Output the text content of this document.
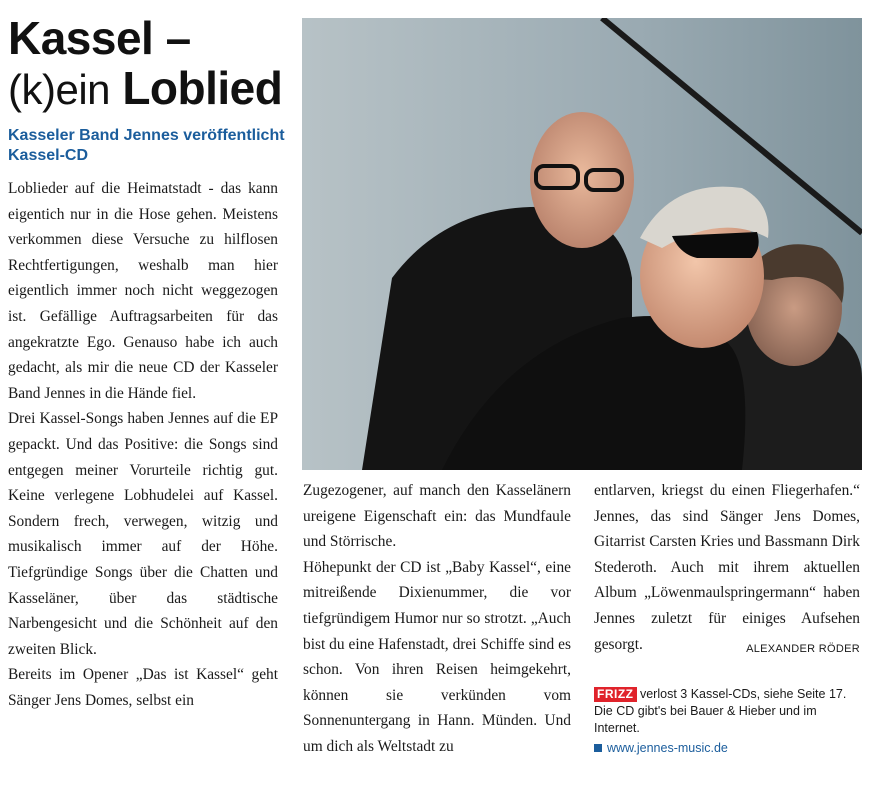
Kassel –
(k)ein Loblied
Kasseler Band Jennes veröffentlicht Kassel-CD

Loblieder auf die Heimatstadt - das kann eigentich nur in die Hose gehen. Meistens verkommen diese Versuche zu hilflosen Rechtfertigungen, weshalb man hier eigentlich immer noch nicht weggezogen ist. Gefällige Auftragsarbeiten für das angekratzte Ego. Genauso habe ich auch gedacht, als mir die neue CD der Kasseler Band Jennes in die Hände fiel.

Drei Kassel-Songs haben Jennes auf die EP gepackt. Und das Positive: die Songs sind entgegen meiner Vorurteile richtig gut. Keine verlegene Lobhudelei auf Kassel. Sondern frech, verwegen, witzig und musikalisch immer auf der Höhe. Tiefgründige Songs über die Chatten und Kasseläner, über das städtische Narbengesicht und die Schönheit auf den zweiten Blick.

Bereits im Opener „Das ist Kassel“ geht Sänger Jens Domes, selbst ein

Zugezogener, auf manch den Kasselänern ureigene Eigenschaft ein: das Mundfaule und Störrische.

Höhepunkt der CD ist „Baby Kassel“, eine mitreißende Dixienummer, die vor tiefgründigem Humor nur so strotzt. „Auch bist du eine Hafenstadt, drei Schiffe sind es schon. Von ihren Reisen heimgekehrt, können sie verkünden vom Sonnenuntergang in Hann. Münden. Und um dich als Weltstadt zu

entlarven, kriegst du einen Fliegerhafen.“ Jennes, das sind Sänger Jens Domes, Gitarrist Carsten Kries und Bassmann Dirk Stederoth. Auch mit ihrem aktuellen Album „Löwenmaulspringermann“ haben Jennes zuletzt für einiges Aufsehen gesorgt.	ALEXANDER RÖDER

FRIZZ verlost 3 Kassel-CDs, siehe Seite 17. Die CD gibt's bei Bauer & Hieber und im Internet.
www.jennes-music.de
